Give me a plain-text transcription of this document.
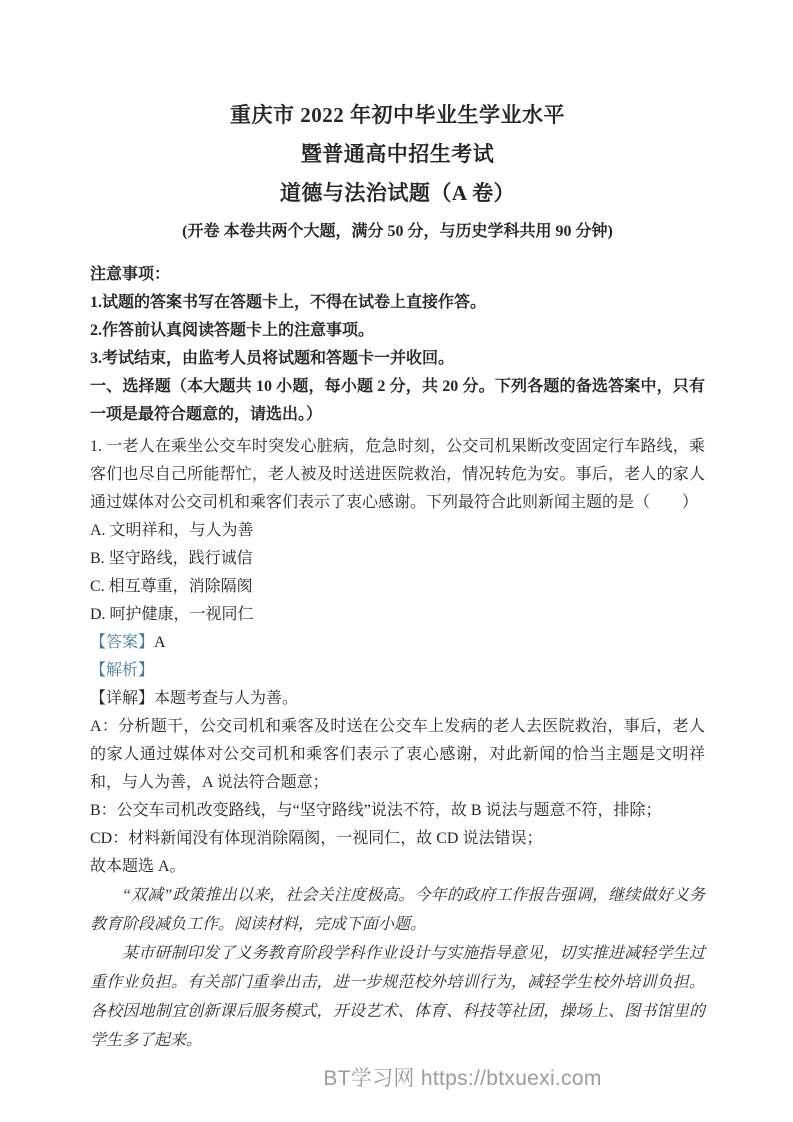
重庆市 2022 年初中毕业生学业水平
暨普通高中招生考试
道德与法治试题（A 卷）
(开卷 本卷共两个大题，满分 50 分，与历史学科共用 90 分钟)

注意事项：

1.试题的答案书写在答题卡上，不得在试卷上直接作答。

2.作答前认真阅读答题卡上的注意事项。

3.考试结束，由监考人员将试题和答题卡一并收回。

一、选择题（本大题共 10 小题，每小题 2 分，共 20 分。下列各题的备选答案中，只有一项是最符合题意的，请选出。）

1. 一老人在乘坐公交车时突发心脏病，危急时刻，公交司机果断改变固定行车路线，乘客们也尽自己所能帮忙，老人被及时送进医院救治，情况转危为安。事后，老人的家人通过媒体对公交司机和乘客们表示了衷心感谢。下列最符合此则新闻主题的是（　　）

A. 文明祥和，与人为善

B. 坚守路线，践行诚信

C. 相互尊重，消除隔阂

D. 呵护健康，一视同仁

【答案】A

【解析】

【详解】本题考查与人为善。

A：分析题干，公交司机和乘客及时送在公交车上发病的老人去医院救治，事后，老人的家人通过媒体对公交司机和乘客们表示了衷心感谢，对此新闻的恰当主题是文明祥和，与人为善，A 说法符合题意；

B：公交车司机改变路线，与“坚守路线”说法不符，故 B 说法与题意不符，排除；

CD：材料新闻没有体现消除隔阂，一视同仁，故 CD 说法错误；

故本题选 A。

“双减”政策推出以来，社会关注度极高。今年的政府工作报告强调，继续做好义务教育阶段减负工作。阅读材料，完成下面小题。

某市研制印发了义务教育阶段学科作业设计与实施指导意见，切实推进减轻学生过重作业负担。有关部门重拳出击，进一步规范校外培训行为，减轻学生校外培训负担。各校因地制宜创新课后服务模式，开设艺术、体育、科技等社团，操场上、图书馆里的学生多了起来。

BT学习网 https://btxuexi.com
